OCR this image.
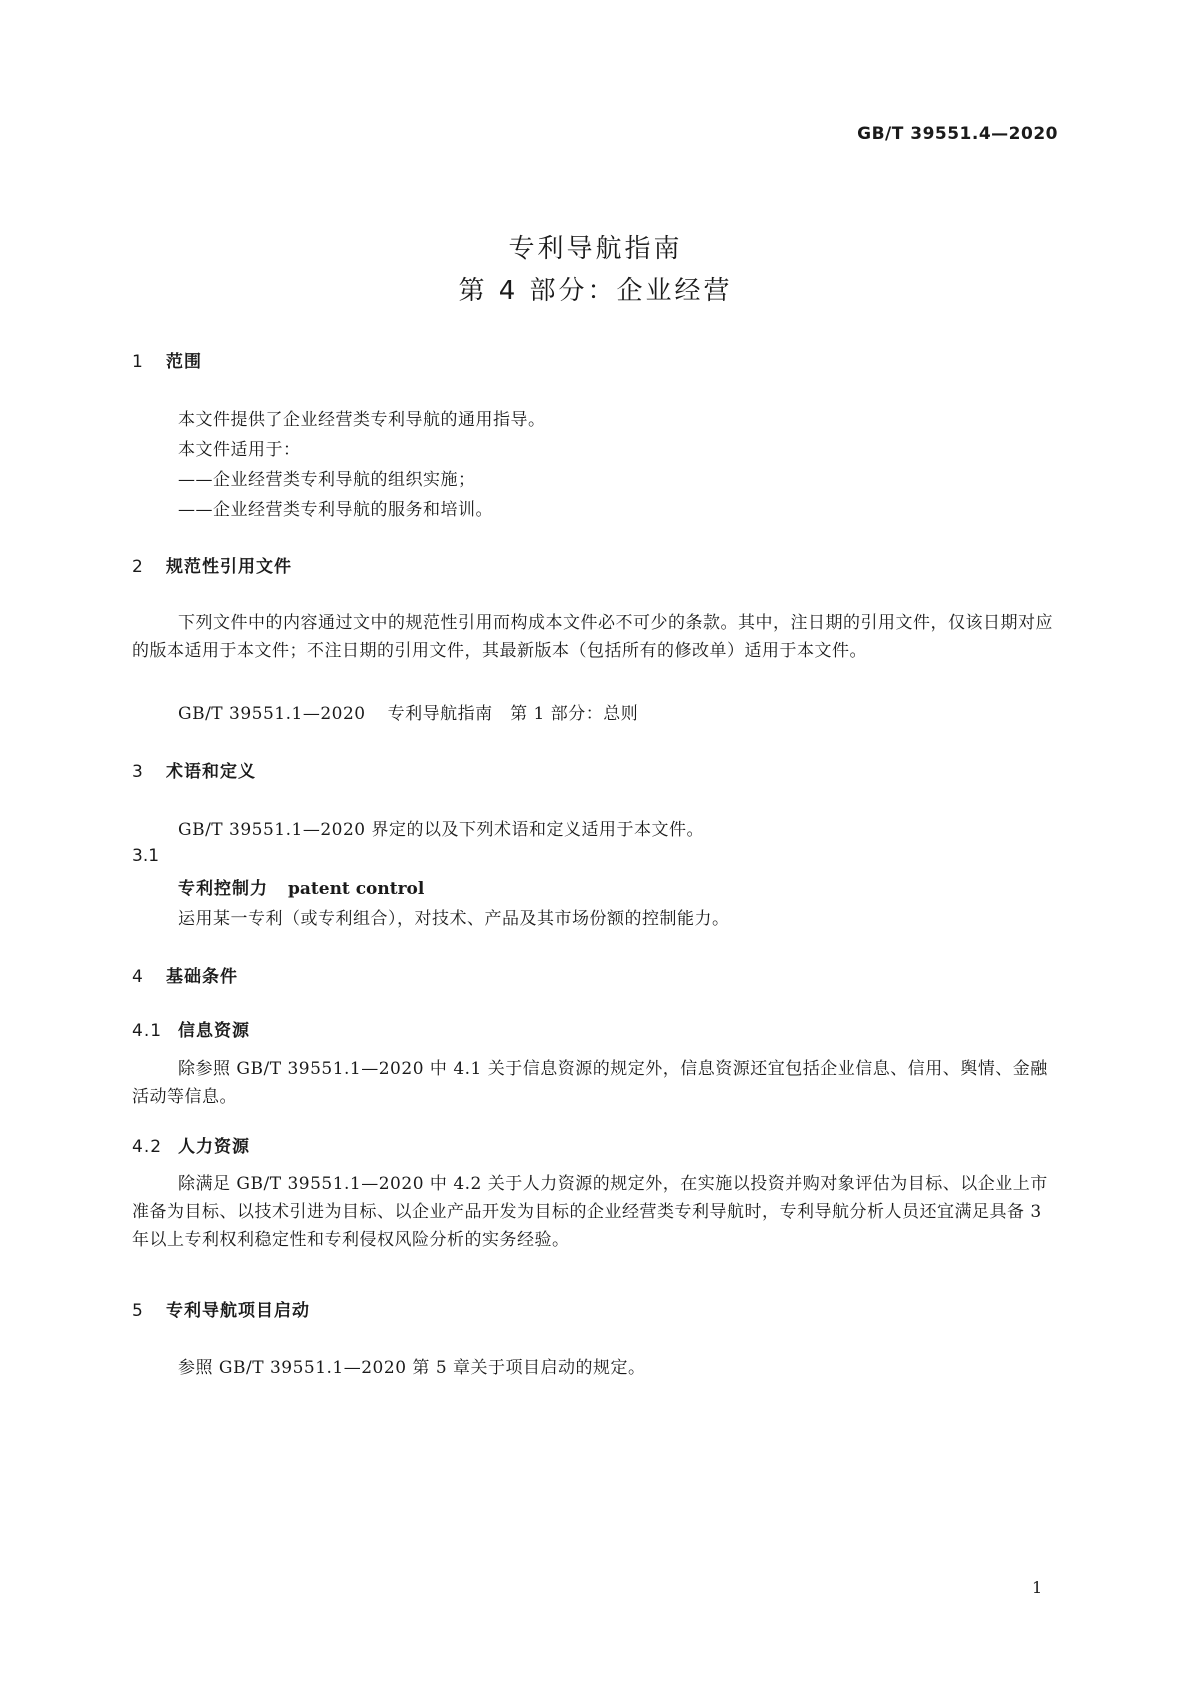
GB/T 39551.4—2020
专利导航指南
第 4 部分：企业经营
1 范围
本文件提供了企业经营类专利导航的通用指导。
本文件适用于：
——企业经营类专利导航的组织实施；
——企业经营类专利导航的服务和培训。
2 规范性引用文件
下列文件中的内容通过文中的规范性引用而构成本文件必不可少的条款。其中，注日期的引用文件，仅该日期对应的版本适用于本文件；不注日期的引用文件，其最新版本（包括所有的修改单）适用于本文件。
GB/T 39551.1—2020 专利导航指南　第 1 部分：总则
3 术语和定义
GB/T 39551.1—2020 界定的以及下列术语和定义适用于本文件。
3.1
专利控制力 patent control
运用某一专利（或专利组合），对技术、产品及其市场份额的控制能力。
4 基础条件
4.1 信息资源
除参照 GB/T 39551.1—2020 中 4.1 关于信息资源的规定外，信息资源还宜包括企业信息、信用、舆情、金融活动等信息。
4.2 人力资源
除满足 GB/T 39551.1—2020 中 4.2 关于人力资源的规定外，在实施以投资并购对象评估为目标、以企业上市准备为目标、以技术引进为目标、以企业产品开发为目标的企业经营类专利导航时，专利导航分析人员还宜满足具备 3 年以上专利权利稳定性和专利侵权风险分析的实务经验。
5 专利导航项目启动
参照 GB/T 39551.1—2020 第 5 章关于项目启动的规定。
1
